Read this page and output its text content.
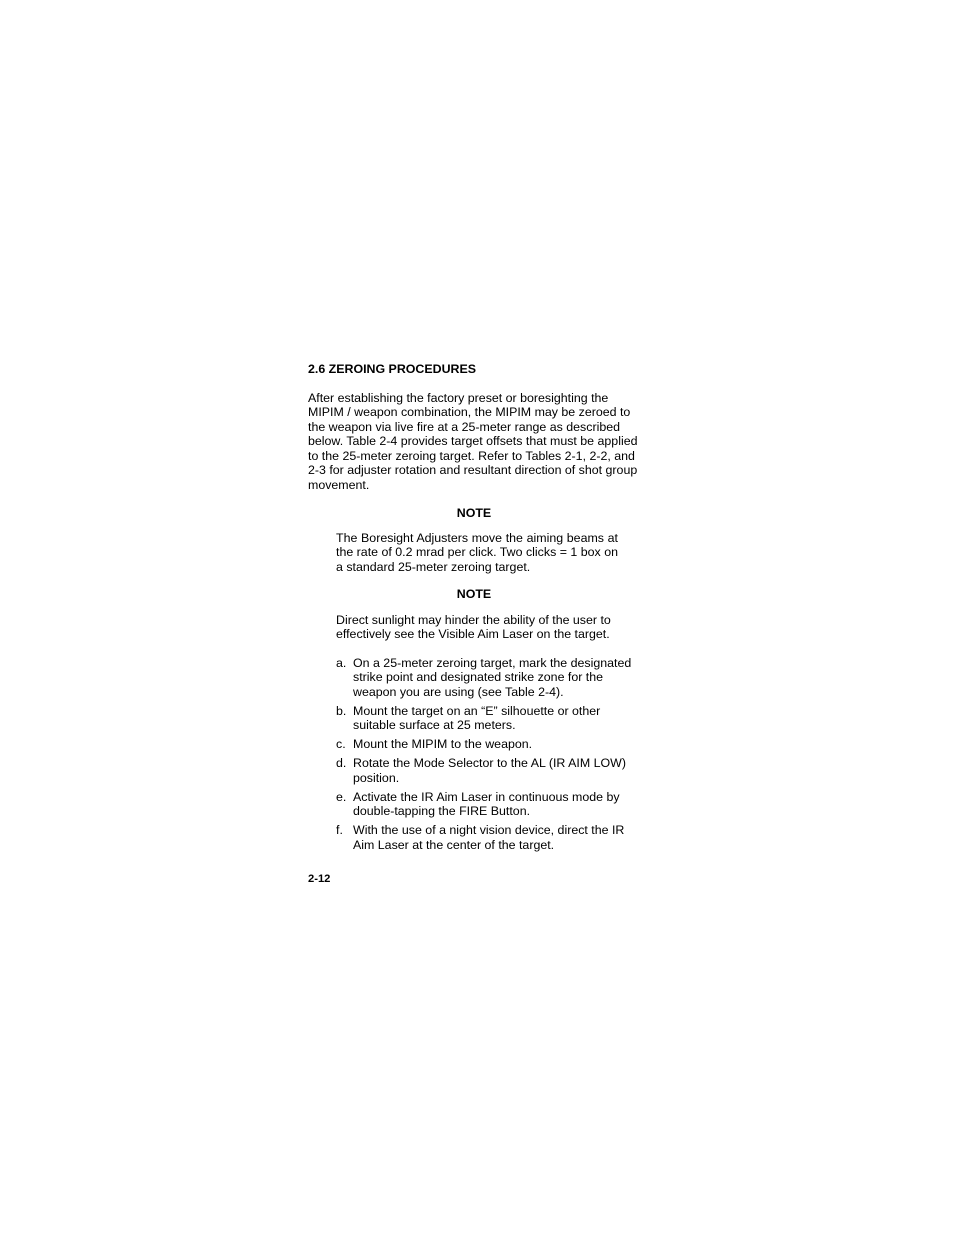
2.6 ZEROING PROCEDURES

After establishing the factory preset or boresighting the MIPIM / weapon combination, the MIPIM may be zeroed to the weapon via live fire at a 25-meter range as described below. Table 2-4 provides target offsets that must be applied to the 25-meter zeroing target. Refer to Tables 2-1, 2-2, and 2-3 for adjuster rotation and resultant direction of shot group movement.

NOTE

The Boresight Adjusters move the aiming beams at the rate of 0.2 mrad per click. Two clicks = 1 box on a standard 25-meter zeroing target.

NOTE

Direct sunlight may hinder the ability of the user to effectively see the Visible Aim Laser on the target.

a. On a 25-meter zeroing target, mark the designated strike point and designated strike zone for the weapon you are using (see Table 2-4).
b. Mount the target on an “E” silhouette or other suitable surface at 25 meters.
c. Mount the MIPIM to the weapon.
d. Rotate the Mode Selector to the AL (IR AIM LOW) position.
e. Activate the IR Aim Laser in continuous mode by double-tapping the FIRE Button.
f. With the use of a night vision device, direct the IR Aim Laser at the center of the target.
2-12
